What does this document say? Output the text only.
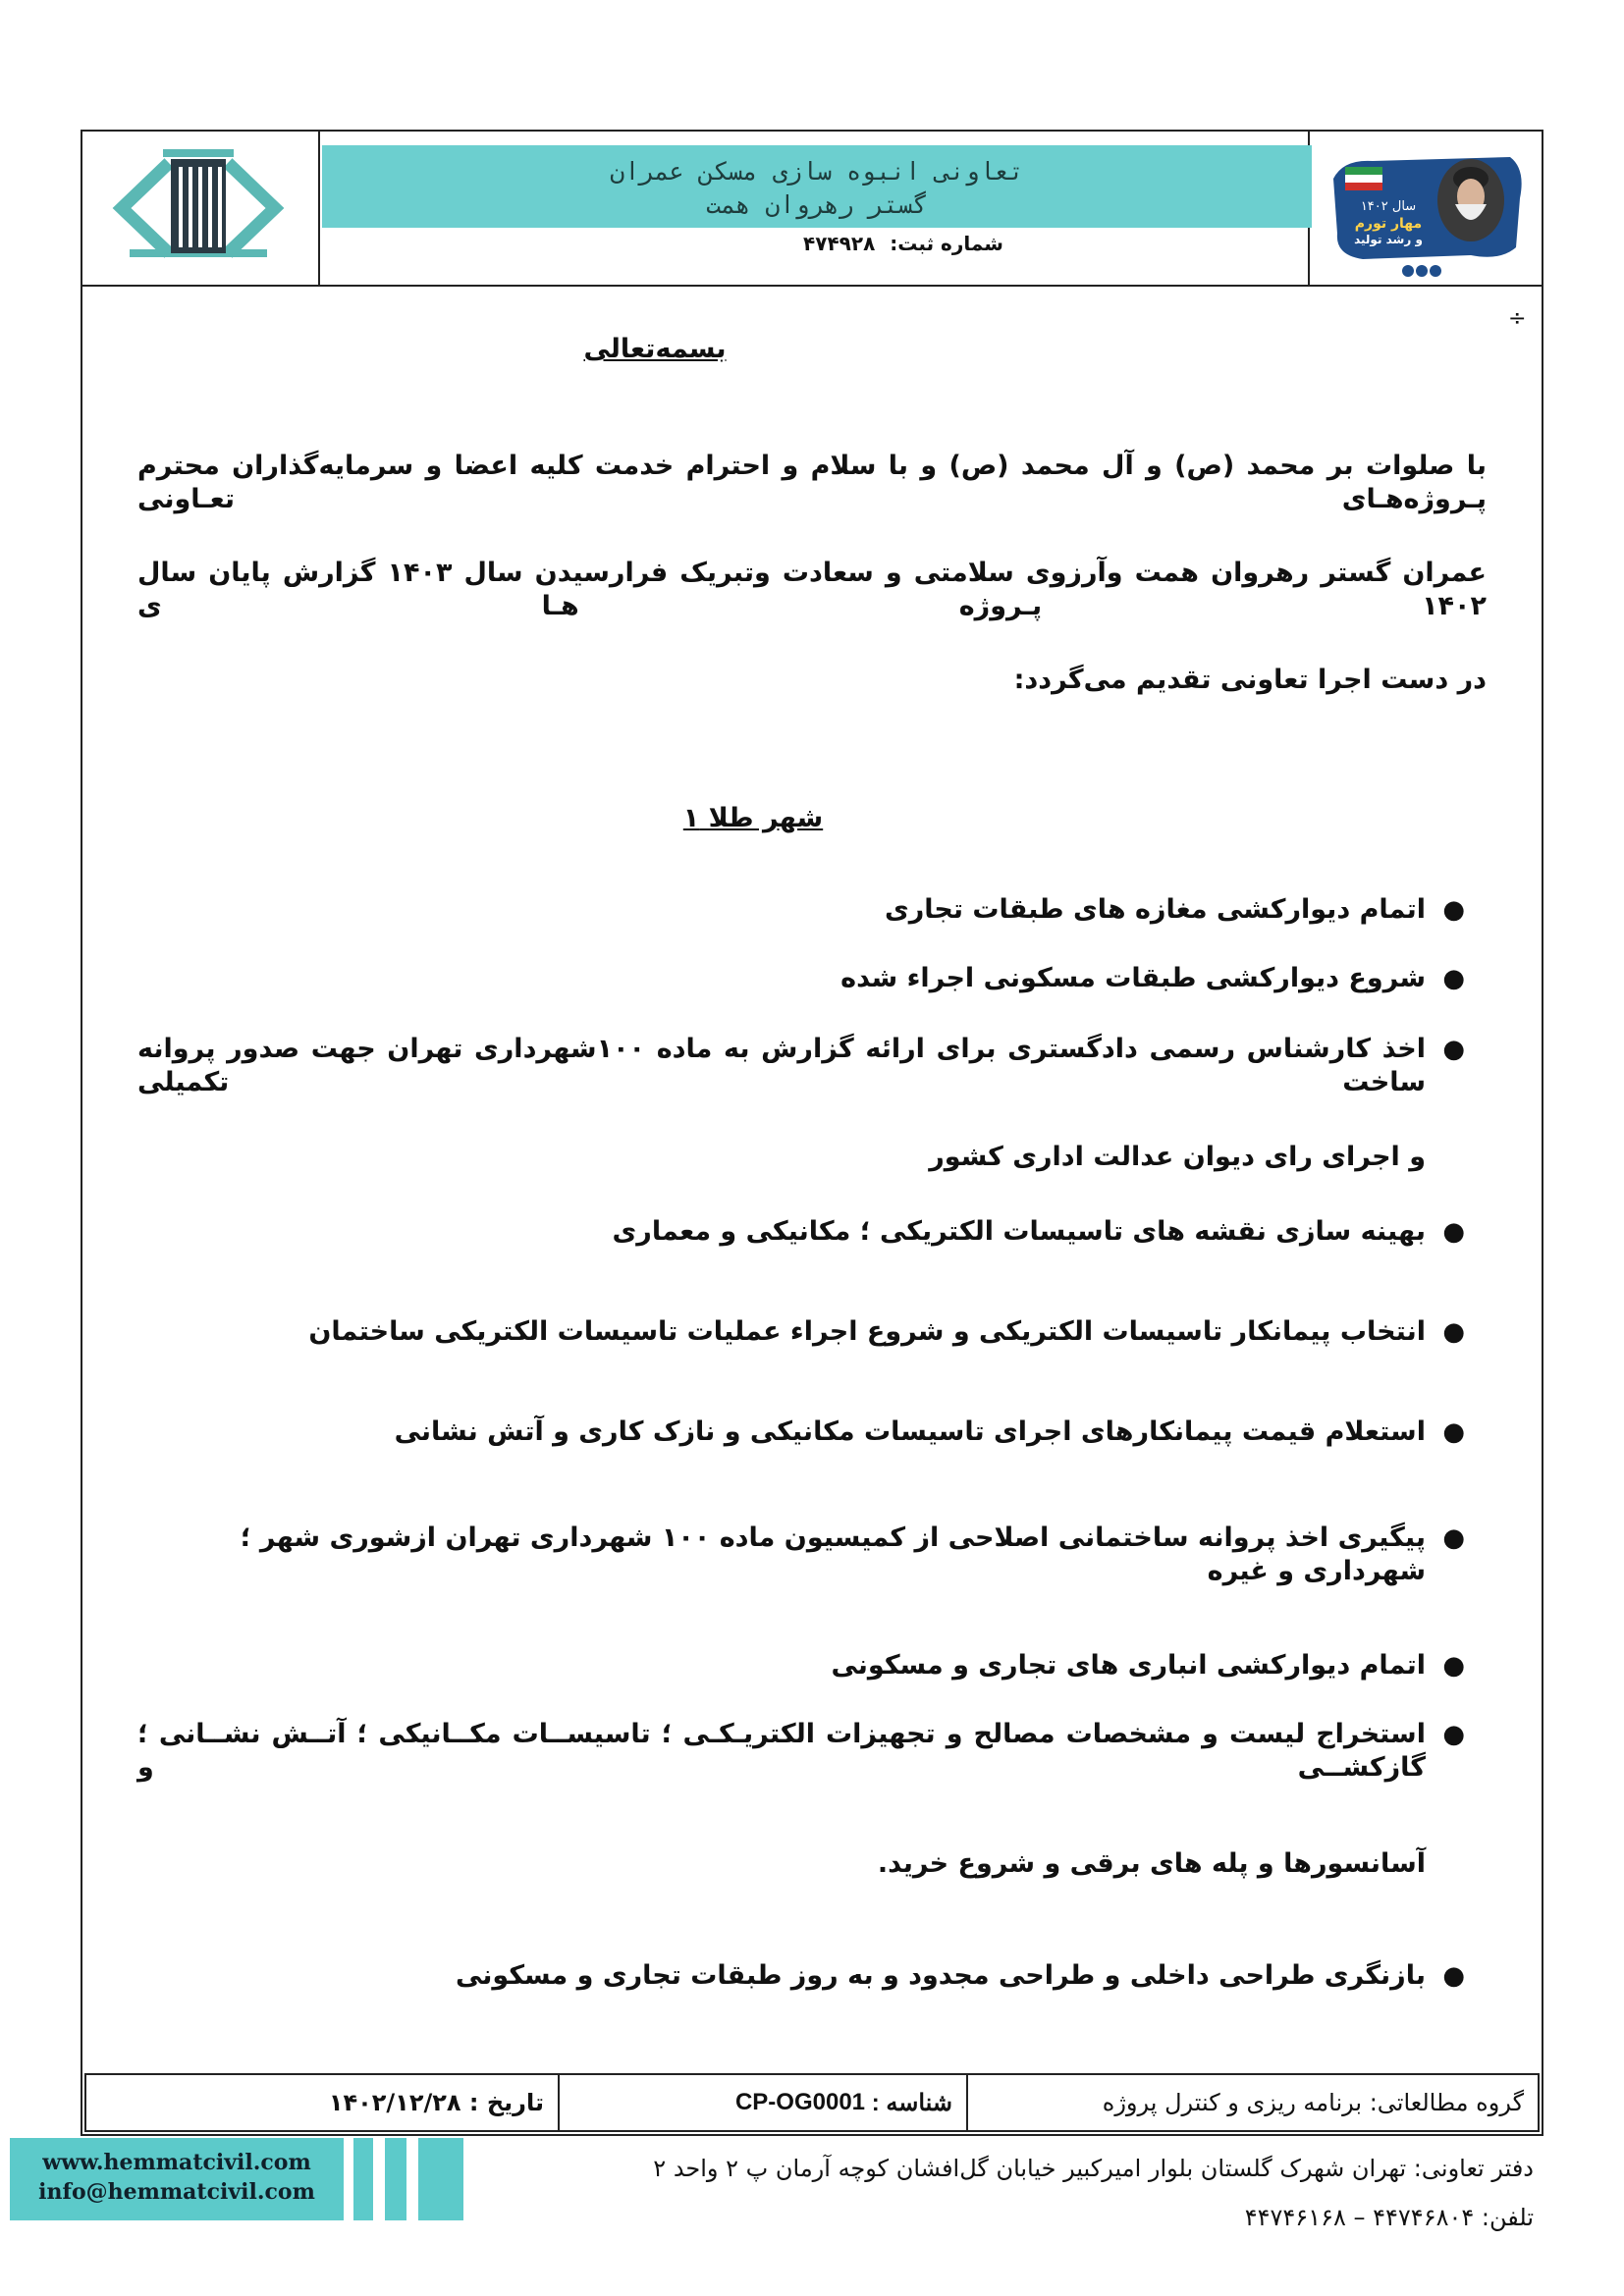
تعاونی انبوه سازی مسکن عمران
گستر رهروان همت
شماره ثبت: ۴۷۴۹۲۸
سال ۱۴۰۲
مهار تورم
و رشد تولید
÷
بسمه‌تعالی

با صلوات بر محمد (ص) و آل محمد (ص) و با سلام و احترام خدمت کلیه اعضا و سرمایه‌گذاران محترم پـروژه‌هـای تعـاونی

عمران گستر رهروان همت وآرزوی سلامتی و سعادت وتبریک فرارسیدن سال ۱۴۰۳ گزارش پایان سال ۱۴۰۲ پـروژه هـا ی

در دست اجرا تعاونی تقدیم می‌گردد:

شهر طلا ۱
●
اتمام دیوارکشی مغازه های طبقات تجاری
●
شروع دیوارکشی طبقات مسکونی اجراء شده
●
اخذ کارشناس رسمی دادگستری برای ارائه گزارش به ماده ۱۰۰شهرداری تهران جهت صدور پروانه ساخت تکمیلی
و اجرای رای دیوان عدالت اداری کشور
●
بهینه سازی نقشه های تاسیسات الکتریکی ؛ مکانیکی و معماری
●
انتخاب پیمانکار تاسیسات الکتریکی و شروع اجراء عملیات تاسیسات الکتریکی ساختمان
●
استعلام قیمت پیمانکارهای اجرای تاسیسات مکانیکی و نازک کاری و آتش نشانی
●
پیگیری اخذ پروانه ساختمانی اصلاحی از کمیسیون ماده ۱۰۰ شهرداری تهران ازشوری شهر ؛ شهرداری و غیره
●
اتمام دیوارکشی انباری های تجاری و مسکونی
●
استخراج لیست و مشخصات مصالح و تجهیزات الکتریـکـی ؛ تاسیســات مکــانیکی ؛ آتــش نشــانی ؛ گازکشــی و
آسانسورها و پله های برقی و شروع خرید.
●
بازنگری طراحی داخلی و طراحی مجدود و به روز طبقات تجاری و مسکونی
گروه مطالعاتی: برنامه ریزی و کنترل پروژه
شناسه :

CP-OG0001
تاریخ :

۱۴۰۲/۱۲/۲۸
www.hemmatcivil.com
info@hemmatcivil.com
دفتر تعاونی: تهران شهرک گلستان بلوار امیرکبیر خیابان گل‌افشان کوچه آرمان پ ۲ واحد ۲
تلفن: ۴۴۷۴۶۸۰۴ – ۴۴۷۴۶۱۶۸
